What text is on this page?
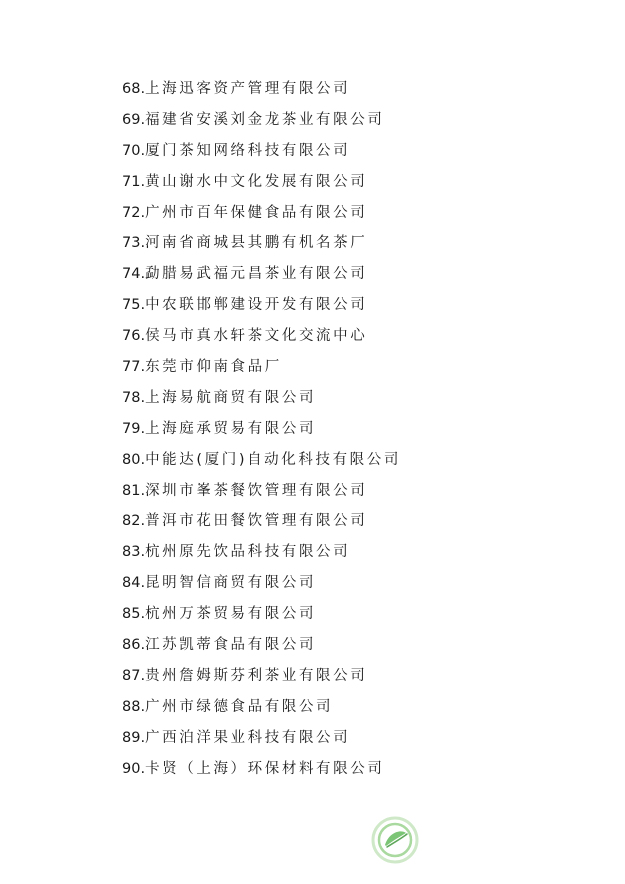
68.上海迅客资产管理有限公司
69.福建省安溪刘金龙茶业有限公司
70.厦门茶知网络科技有限公司
71.黄山谢水中文化发展有限公司
72.广州市百年保健食品有限公司
73.河南省商城县其鹏有机名茶厂
74.勐腊易武福元昌茶业有限公司
75.中农联邯郸建设开发有限公司
76.侯马市真水轩茶文化交流中心
77.东莞市仰南食品厂
78.上海易航商贸有限公司
79.上海庭承贸易有限公司
80.中能达(厦门)自动化科技有限公司
81.深圳市峯茶餐饮管理有限公司
82.普洱市花田餐饮管理有限公司
83.杭州原先饮品科技有限公司
84.昆明智信商贸有限公司
85.杭州万茶贸易有限公司
86.江苏凯蒂食品有限公司
87.贵州詹姆斯芬利茶业有限公司
88.广州市绿德食品有限公司
89.广西泊洋果业科技有限公司
90.卡贤（上海）环保材料有限公司
